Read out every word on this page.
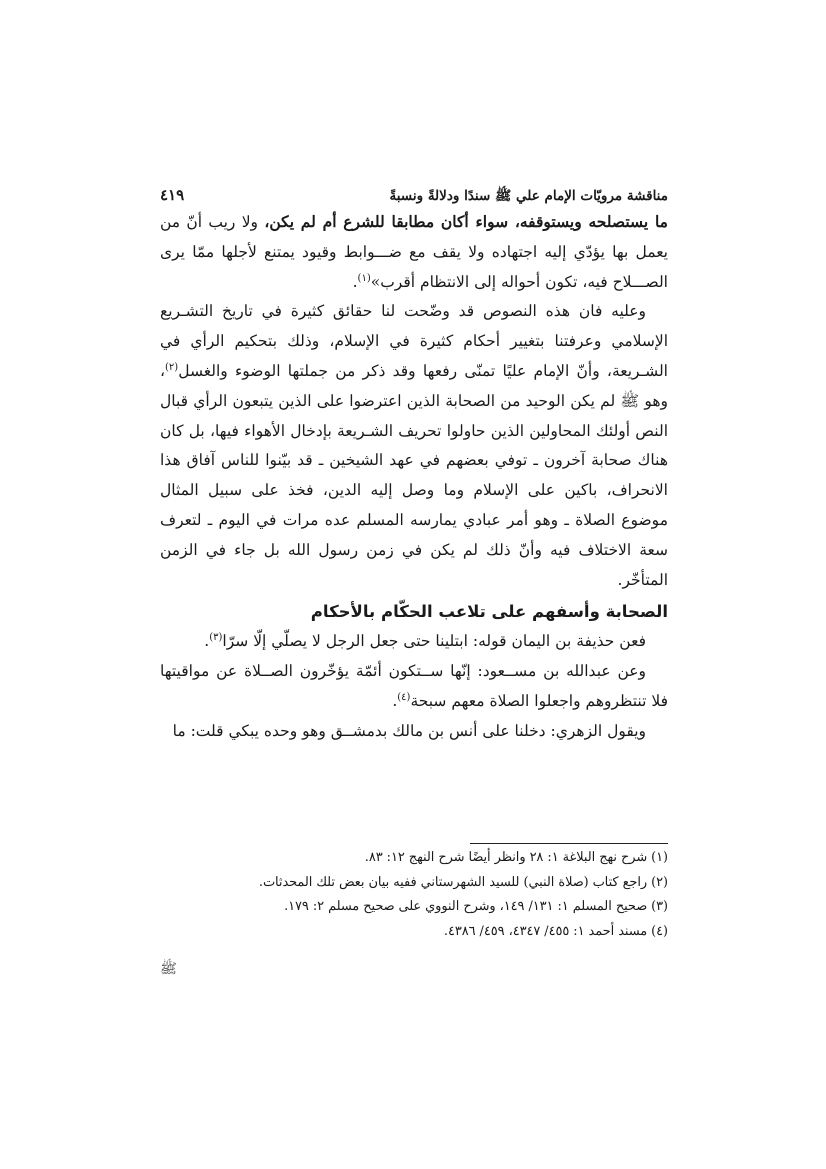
مناقشة مرويّات الإمام علي ﷺ سندًا ودلالةً ونسبةً
٤١٩

ما يستصلحه ويستوقفه، سواء أكان مطابقا للشرع أم لم يكن، ولا ريب أنّ من يعمل بها يؤدّي إليه اجتهاده ولا يقف مع ضـــوابط وقيود يمتنع لأجلها ممّا يرى الصـــلاح فيه، تكون أحواله إلى الانتظام أقرب»$^{(١)}$.

وعليه فان هذه النصوص قد وضّحت لنا حقائق كثيرة في تاريخ التشـريع الإسلامي وعرفتنا بتغيير أحكام كثيرة في الإسلام، وذلك بتحكيم الرأي في الشـريعة، وأنّ الإمام عليًا تمنّى رفعها وقد ذكر من جملتها الوضوء والغسل$^{(٢)}$، وهو ﷺ لم يكن الوحيد من الصحابة الذين اعترضوا على الذين يتبعون الرأي قبال النص أولئك المحاولين الذين حاولوا تحريف الشـريعة بإدخال الأهواء فيها، بل كان هناك صحابة آخرون ـ توفي بعضهم في عهد الشيخين ـ قد بيّنوا للناس آفاق هذا الانحراف، باكين على الإسلام وما وصل إليه الدين، فخذ على سبيل المثال موضوع الصلاة ـ وهو أمر عبادي يمارسه المسلم عده مرات في اليوم ـ لتعرف سعة الاختلاف فيه وأنّ ذلك لم يكن في زمن رسول الله بل جاء في الزمن المتأخّر.

الصحابة وأسفهم على تلاعب الحكّام بالأحكام

فعن حذيفة بن اليمان قوله: ابتلينا حتى جعل الرجل لا يصلّي إلّا سرّا$^{(٣)}$.

وعن عبدالله بن مســعود: إنّها ســتكون أئمّة يؤخّرون الصــلاة عن مواقيتها فلا تنتظروهم واجعلوا الصلاة معهم سبحة$^{(٤)}$.

ويقول الزهري: دخلنا على أنس بن مالك بدمشــق وهو وحده يبكي قلت: ما

(١) شرح نهج البلاغة ١: ٢٨ وانظر أيضًا شرح النهج ١٢: ٨٣.

(٢) راجع كتاب (صلاة النبي) للسيد الشهرستاني ففيه بيان بعض تلك المحدثات.

(٣) صحيح المسلم ١: ١٣١/ ١٤٩، وشرح النووي على صحيح مسلم ٢: ١٧٩.

(٤) مسند أحمد ١: ٤٥٥/ ٤٣٤٧، ٤٥٩/ ٤٣٨٦.

ﷺ
